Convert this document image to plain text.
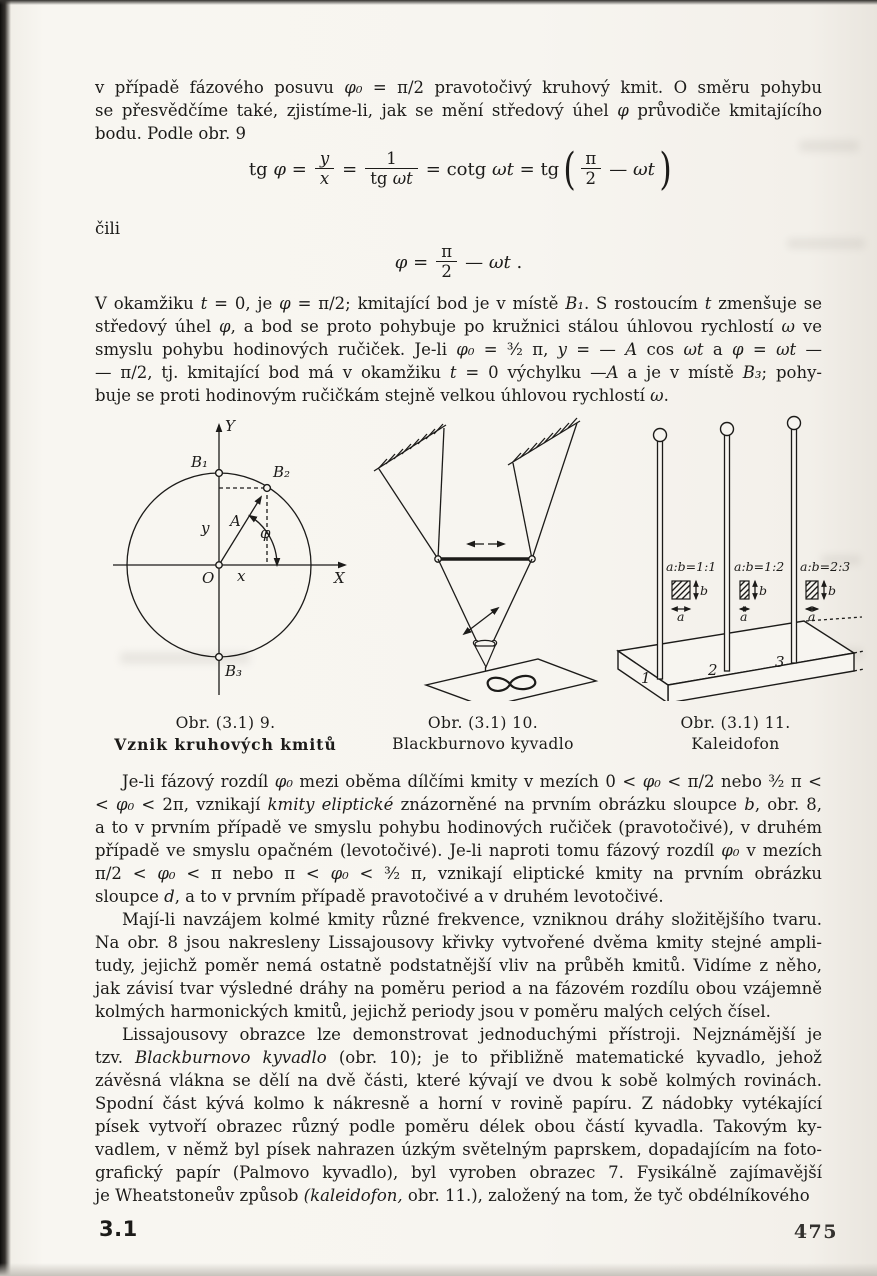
v případě fázového posuvu φ₀ = π/2 pravotočivý kruhový kmit. O směru pohybu
se přesvědčíme také, zjistíme-li, jak se mění středový úhel φ průvodiče kmitajícího
bodu. Podle obr. 9
tg $\varphi = \frac{y}{x} = \frac{1}{\text{tg ωt}} = \cot g$ ωt = tg ( $\frac{\pi}{2}$ — ωt )
čili
$\varphi = \frac{\pi}{2}$ — ωt .
V okamžiku t = 0, je φ = π/2; kmitající bod je v místě B₁. S rostoucím t zmenšuje se
středový úhel φ, a bod se proto pohybuje po kružnici stálou úhlovou rychlostí ω ve
smyslu pohybu hodinových ručiček. Je-li φ₀ = ³⁄₂ π, y = — A cos ωt a φ = ωt —
— π/2, tj. kmitající bod má v okamžiku t = 0 výchylku —A a je v místě B₃; pohy-
buje se proti hodinovým ručičkám stejně velkou úhlovou rychlostí ω.
Y
X
B₁
B₂
B₃
O x
y A
φ
Obr. (3.1) 9.
Vznik kruhových kmitů
Obr. (3.1) 10.
Blackburnovo kyvadlo
a
b
a:b=1:1
a
b
a:b=1:2
a
b
a:b=2:3
1	2	3
Obr. (3.1) 11.
Kaleidofon
Je-li fázový rozdíl φ₀ mezi oběma dílčími kmity v mezích 0 < φ₀ < π/2 nebo ³⁄₂ π <
< φ₀ < 2π, vznikají kmity eliptické znázorněné na prvním obrázku sloupce b, obr. 8,
a to v prvním případě ve smyslu pohybu hodinových ručiček (pravotočivé), v druhém
případě ve smyslu opačném (levotočivé). Je-li naproti tomu fázový rozdíl φ₀ v mezích
π/2 < φ₀ < π nebo π < φ₀ < ³⁄₂ π, vznikají eliptické kmity na prvním obrázku
sloupce d, a to v prvním případě pravotočivé a v druhém levotočivé.
Mají-li navzájem kolmé kmity různé frekvence, vzniknou dráhy složitějšího tvaru.
Na obr. 8 jsou nakresleny Lissajousovy křivky vytvořené dvěma kmity stejné ampli-
tudy, jejichž poměr nemá ostatně podstatnější vliv na průběh kmitů. Vidíme z něho,
jak závisí tvar výsledné dráhy na poměru period a na fázovém rozdílu obou vzájemně
kolmých harmonických kmitů, jejichž periody jsou v poměru malých celých čísel.
Lissajousovy obrazce lze demonstrovat jednoduchými přístroji. Nejznámější je
tzv. Blackburnovo kyvadlo (obr. 10); je to přibližně matematické kyvadlo, jehož
závěsná vlákna se dělí na dvě části, které kývají ve dvou k sobě kolmých rovinách.
Spodní část kývá kolmo k nákresně a horní v rovině papíru. Z nádobky vytékající
písek vytvoří obrazec různý podle poměru délek obou částí kyvadla. Takovým ky-
vadlem, v němž byl písek nahrazen úzkým světelným paprskem, dopadajícím na foto-
grafický papír (Palmovo kyvadlo), byl vyroben obrazec 7. Fysikálně zajímavější
je Wheatstoneův způsob (kaleidofon, obr. 11.), založený na tom, že tyč obdélníkového
3.1	475
